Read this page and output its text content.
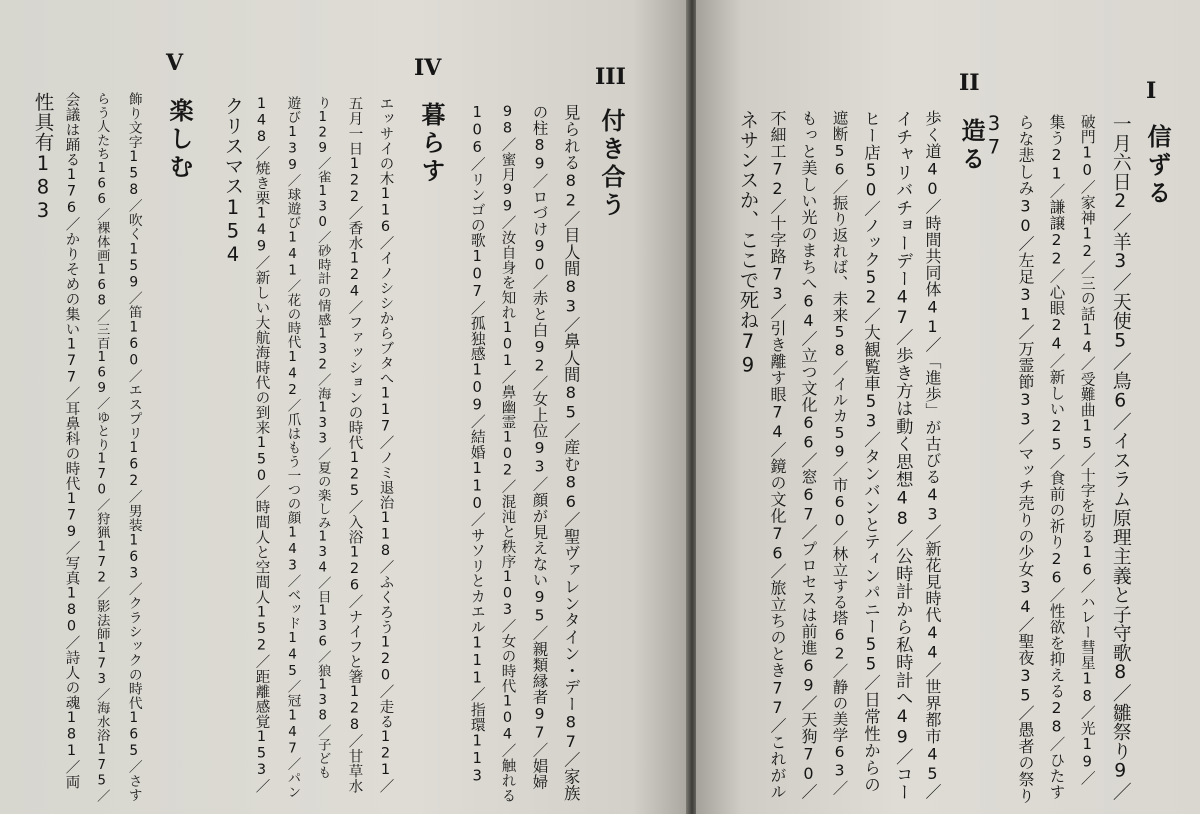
I
II
III
IV
V
信ずる
一月六日2／羊3／天使5／鳥6／イスラム原理主義と子守歌8／雛祭り9／
破門10／家神12／三の話14／受難曲15／十字を切る16／ハレー彗星18／光19／
集う21／謙譲22／心眼24／新しい25／食前の祈り26／性欲を抑える28／ひたす
らな悲しみ30／左足31／万霊節33／マッチ売りの少女34／聖夜35／愚者の祭り
37
造る
歩く道40／時間共同体41／「進歩」が古びる43／新花見時代44／世界都市45／
イチャリバチョーデー47／歩き方は動く思想48／公時計から私時計へ49／コー
ヒー店50／ノック52／大観覧車53／タンバンとティンパニー55／日常性からの
遮断56／振り返れば、未来58／イルカ59／市60／林立する塔62／静の美学63／
もっと美しい光のまちへ64／立つ文化66／窓67／プロセスは前進69／天狗70／
不細工72／十字路73／引き離す眼74／鏡の文化76／旅立ちのとき77／これがル
ネサンスか、ここで死ね79
付き合う
見られる82／目人間83／鼻人間85／産む86／聖ヴァレンタイン・デー87／家族
の柱89／ロづけ90／赤と白92／女上位93／顔が見えない95／親類縁者97／娼婦
98／蜜月99／汝自身を知れ101／鼻幽霊102／混沌と秩序103／女の時代104／触れる
106／リンゴの歌107／孤独感109／結婚110／サソリとカエル111／指環113
暮らす
エッサイの木116／イノシシからブタへ117／ノミ退治118／ふくろう120／走る121／
五月一日122／香水124／ファッションの時代125／入浴126／ナイフと箸128／甘草水
り129／雀130／砂時計の情感132／海133／夏の楽しみ134／目136／狼138／子ども
遊び139／球遊び141／花の時代142／爪はもう一つの顔143／ベッド145／冠147／パン
148／焼き栗149／新しい大航海時代の到来150／時間人と空間人152／距離感覚153／
クリスマス154
楽しむ
飾り文字158／吹く159／笛160／エスプリ162／男装163／クラシックの時代165／さす
らう人たち166／裸体画168／三百169／ゆとり170／狩猟172／影法師173／海水浴175／
会議は踊る176／かりそめの集い177／耳鼻科の時代179／写真180／詩人の魂181／両
性具有183
